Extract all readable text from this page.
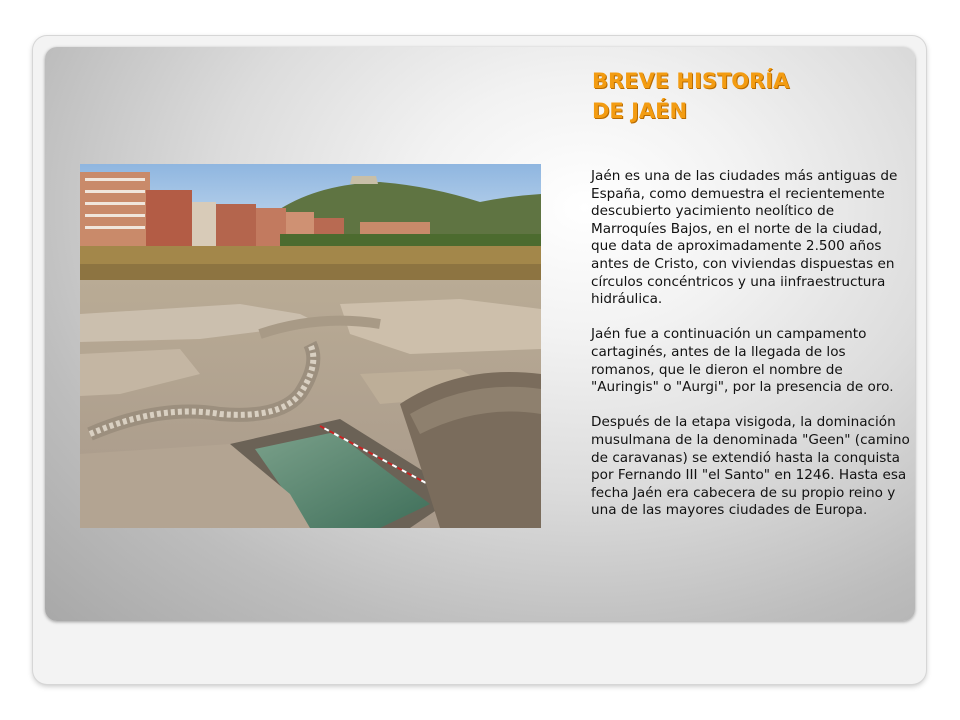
BREVE HISTORÍA
DE JAÉN

Jaén es una de las ciudades más antiguas de España, como demuestra el recientemente descubierto yacimiento neolítico de Marroquíes Bajos, en el norte de la ciudad, que data de aproximadamente 2.500 años antes de Cristo, con viviendas dispuestas en círculos concéntricos y una iinfraestructura hidráulica.

Jaén fue a continuación un campamento cartaginés, antes de la llegada de los romanos, que le dieron el nombre de "Auringis" o "Aurgi", por la presencia de oro.

Después de la etapa visigoda, la dominación musulmana de la denominada "Geen" (camino de caravanas) se extendió hasta la conquista por Fernando III "el Santo" en 1246. Hasta esa fecha Jaén era cabecera de su propio reino y una de las mayores ciudades de Europa.
